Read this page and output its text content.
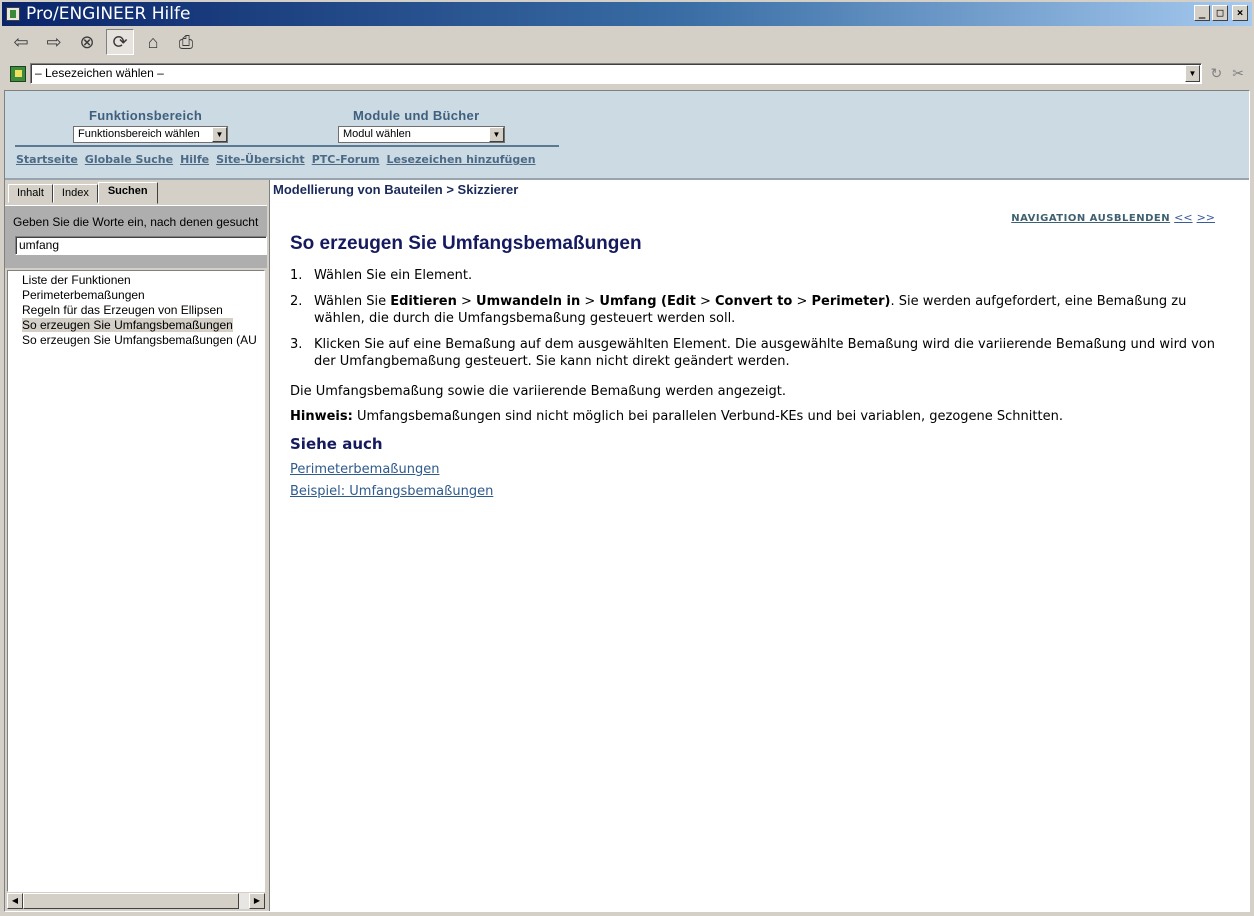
Pro/ENGINEER Hilfe	_	□	×
⇦ ⇨ ⊗ ⟳	⌂	⎙
– Lesezeichen wählen –	▼ ↻ ✂
Funktionsbereich
Funktionsbereich wählen	▼
Module und Bücher
Modul wählen	▼
Startseite Globale Suche Hilfe Site-Übersicht PTC-Forum Lesezeichen hinzufügen
Inhalt	Index	Suchen
Geben Sie die Worte ein, nach denen gesucht
umfang
Liste der Funktionen
Perimeterbemaßungen
Regeln für das Erzeugen von Ellipsen
So erzeugen Sie Umfangsbemaßungen
So erzeugen Sie Umfangsbemaßungen (AU
◀	▶
Modellierung von Bauteilen > Skizzierer
NAVIGATION AUSBLENDEN << >>
So erzeugen Sie Umfangsbemaßungen
1. Wählen Sie ein Element.
2. Wählen Sie Editieren > Umwandeln in > Umfang (Edit > Convert to > Perimeter). Sie werden aufgefordert, eine Bemaßung zu wählen, die durch die Umfangsbemaßung gesteuert werden soll.
3. Klicken Sie auf eine Bemaßung auf dem ausgewählten Element. Die ausgewählte Bemaßung wird die variierende Bemaßung und wird von der Umfangbemaßung gesteuert. Sie kann nicht direkt geändert werden.

Die Umfangsbemaßung sowie die variierende Bemaßung werden angezeigt.

Hinweis: Umfangsbemaßungen sind nicht möglich bei parallelen Verbund-KEs und bei variablen, gezogene Schnitten.

Siehe auch
Perimeterbemaßungen
Beispiel: Umfangsbemaßungen
